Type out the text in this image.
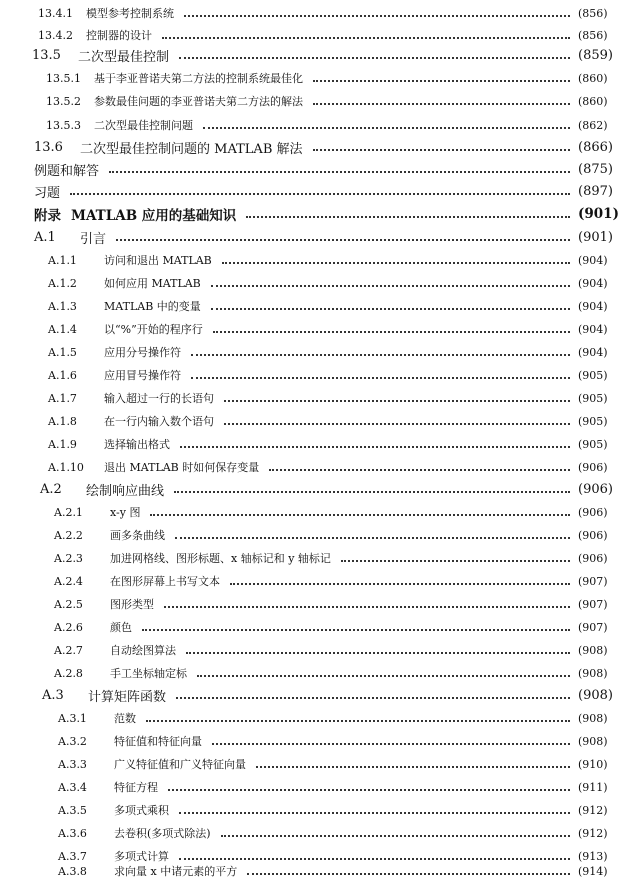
13.4.1	模型参考控制系统	(856)
13.4.2	控制器的设计	(856)
13.5	二次型最佳控制	(859)
13.5.1	基于李亚普诺夫第二方法的控制系统最佳化	(860)
13.5.2	参数最佳问题的李亚普诺夫第二方法的解法	(860)
13.5.3	二次型最佳控制问题	(862)
13.6	二次型最佳控制问题的 MATLAB 解法	(866)
例题和解答	(875)
习题	(897)
附录 MATLAB 应用的基础知识	(901)
A.1	引言	(901)
A.1.1	访问和退出 MATLAB	(904)
A.1.2	如何应用 MATLAB	(904)
A.1.3	MATLAB 中的变量	(904)
A.1.4	以“%”开始的程序行	(904)
A.1.5	应用分号操作符	(904)
A.1.6	应用冒号操作符	(905)
A.1.7	输入超过一行的长语句	(905)
A.1.8	在一行内输入数个语句	(905)
A.1.9	选择输出格式	(905)
A.1.10	退出 MATLAB 时如何保存变量	(906)
A.2	绘制响应曲线	(906)
A.2.1	x-y 图	(906)
A.2.2	画多条曲线	(906)
A.2.3	加进网格线、图形标题、x 轴标记和 y 轴标记	(906)
A.2.4	在图形屏幕上书写文本	(907)
A.2.5	图形类型	(907)
A.2.6	颜色	(907)
A.2.7	自动绘图算法	(908)
A.2.8	手工坐标轴定标	(908)
A.3	计算矩阵函数	(908)
A.3.1	范数	(908)
A.3.2	特征值和特征向量	(908)
A.3.3	广义特征值和广义特征向量	(910)
A.3.4	特征方程	(911)
A.3.5	多项式乘积	(912)
A.3.6	去卷积(多项式除法)	(912)
A.3.7	多项式计算	(913)
A.3.8	求向量 x 中诸元素的平方	(914)
